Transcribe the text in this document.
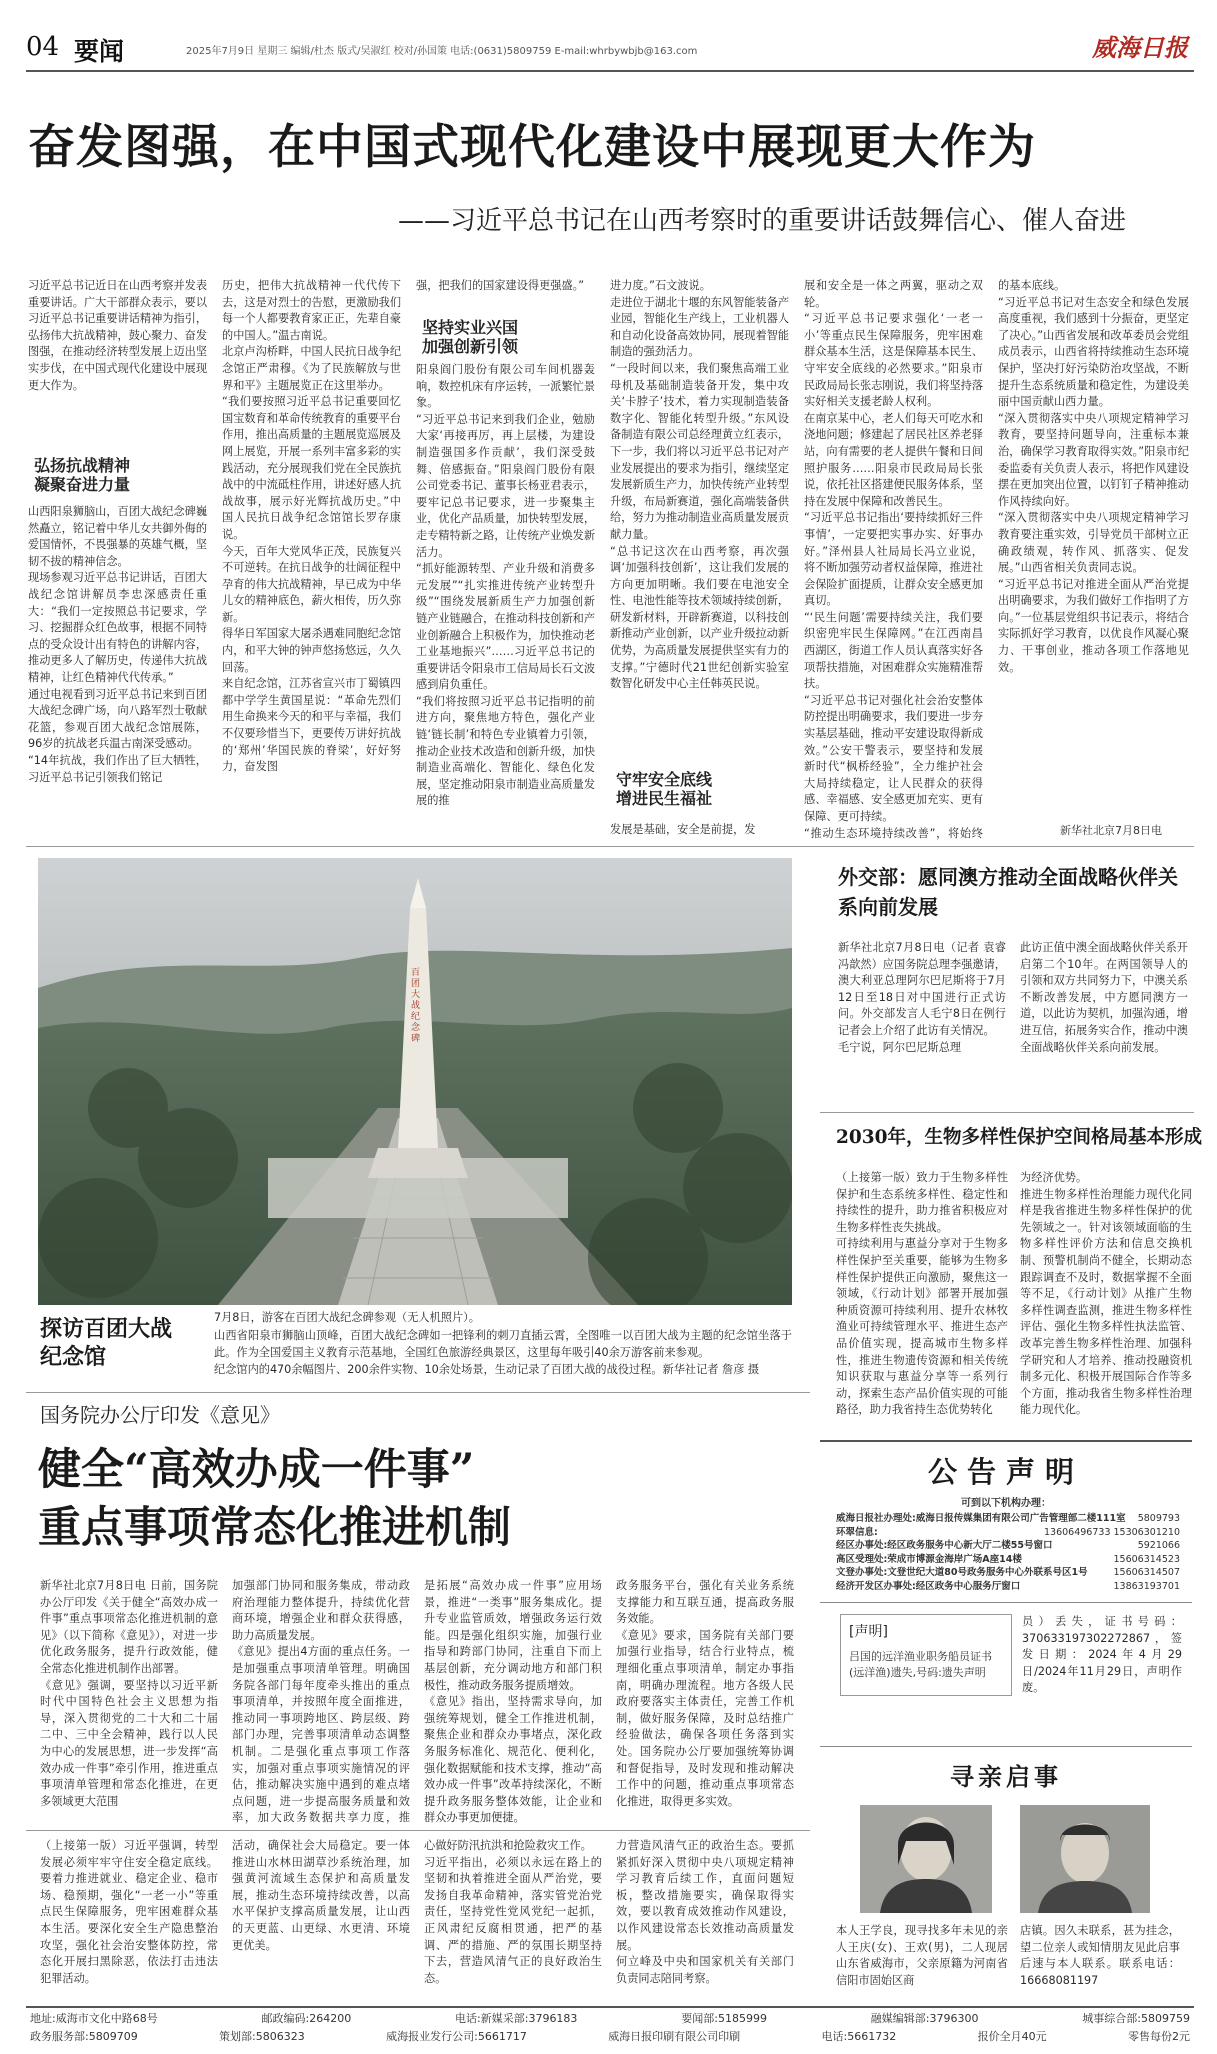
04 要闻	2025年7月9日 星期三 编辑/杜杰 版式/吴淑红 校对/孙国策 电话:(0631)5809759 E-mail:whrbywbjb@163.com	威海日报
奋发图强，在中国式现代化建设中展现更大作为
——习近平总书记在山西考察时的重要讲话鼓舞信心、催人奋进
习近平总书记近日在山西考察并发表重要讲话。广大干部群众表示，要以习近平总书记重要讲话精神为指引，弘扬伟大抗战精神，鼓心聚力、奋发图强，在推动经济转型发展上迈出坚实步伐，在中国式现代化建设中展现更大作为。
弘扬抗战精神
凝聚奋进力量
山西阳泉狮脑山，百团大战纪念碑巍然矗立，铭记着中华儿女共御外侮的爱国情怀，不畏强暴的英雄气概，坚韧不拔的精神信念。
现场参观习近平总书记讲话，百团大战纪念馆讲解员李忠深感责任重大：“我们一定按照总书记要求，学习、挖掘群众红色故事，根据不同特点的受众设计出有特色的讲解内容，推动更多人了解历史，传递伟大抗战精神，让红色精神代代传承。”
通过电视看到习近平总书记来到百团大战纪念碑广场，向八路军烈士敬献花篮，参观百团大战纪念馆展陈，96岁的抗战老兵温古南深受感动。
“14年抗战，我们作出了巨大牺牲，习近平总书记引领我们铭记
历史，把伟大抗战精神一代代传下去，这是对烈士的告慰，更激励我们每一个人都要教育家正正，先辈自豪的中国人。”温古南说。
北京卢沟桥畔，中国人民抗日战争纪念馆正严肃穆。《为了民族解放与世界和平》主题展览正在这里举办。
“我们要按照习近平总书记重要回忆国宝数育和革命传统教育的重要平台作用，推出高质量的主题展览巡展及网上展览，开展一系列丰富多彩的实践活动，充分展现我们党在全民族抗战中的中流砥柱作用，讲述好感人抗战故事，展示好光辉抗战历史。”中国人民抗日战争纪念馆馆长罗存康说。
今天，百年大党风华正茂，民族复兴不可逆转。在抗日战争的壮阔征程中孕育的伟大抗战精神，早已成为中华儿女的精神底色，薪火相传，历久弥新。
得华日军国家大屠杀遇难同胞纪念馆内，和平大钟的钟声悠扬悠远，久久回荡。
来自纪念馆，江苏省宣兴市丁蜀镇四都中学学生黄国星说：“革命先烈们用生命换来今天的和平与幸福，我们不仅要珍惜当下，更要传万讲好抗战的‘郑州’华国民族的脊梁’，好好努力，奋发图
强，把我们的国家建设得更强盛。”
坚持实业兴国
加强创新引领
阳泉阎门股份有限公司车间机器轰响，数控机床有序运转，一派繁忙景象。
“习近平总书记来到我们企业，勉励大家‘再接再厉，再上层楼，为建设制造强国多作贡献’，我们深受鼓舞、倍感振奋。”阳泉阎门股份有限公司党委书记、董事长杨亚君表示，要牢记总书记要求，进一步聚集主业，优化产品质量，加快转型发展，走专精特新之路，让传统产业焕发新活力。
“抓好能源转型、产业升级和消费多元发展”“扎实推进传统产业转型升级”“围绕发展新质生产力加强创新链产业链融合，在推动科技创新和产业创新融合上积极作为，加快推动老工业基地振兴”……习近平总书记的重要讲话令阳泉市工信局局长石文波感到肩负重任。
“我们将按照习近平总书记指明的前进方向，聚焦地方特色，强化产业链‘链长制’和特色专业镇着力引领，推动企业技术改造和创新升级，加快制造业高端化、智能化、绿色化发展，坚定推动阳泉市制造业高质量发展的推
进力度。”石文波说。
走进位于湖北十堰的东风智能装备产业园，智能化生产线上，工业机器人和自动化设备高效协同，展现着智能制造的强劲活力。
“一段时间以来，我们聚焦高端工业母机及基础制造装备开发，集中攻关‘卡脖子’技术，着力实现制造装备数字化、智能化转型升级。”东风设备制造有限公司总经理黄立红表示，下一步，我们将以习近平总书记对产业发展提出的要求为指引，继续坚定发展新质生产力，加快传统产业转型升级，布局新赛道，强化高端装备供给，努力为推动制造业高质量发展贡献力量。
“总书记这次在山西考察，再次强调‘加强科技创新’，这让我们发展的方向更加明晰。我们要在电池安全性、电池性能等技术领域持续创新，研发新材料，开辟新赛道，以科技创新推动产业创新，以产业升级拉动新优势，为高质量发展提供坚实有力的支撑。”宁德时代21世纪创新实验室数智化研发中心主任韩英民说。
守牢安全底线
增进民生福祉
发展是基础，安全是前提，发
展和安全是一体之两翼，驱动之双轮。
“习近平总书记要求强化‘一老一小’等重点民生保障服务，兜牢困难群众基本生活，这是保障基本民生、守牢安全底线的必然要求。”阳泉市民政局局长张志刚说，我们将坚持落实好相关支援老龄人权利。
在南京某中心，老人们每天可吃水和浇地问题；修建起了居民社区养老驿站，向有需要的老人提供午餐和日间照护服务……阳泉市民政局局长张说，依托社区搭建便民服务体系，坚持在发展中保障和改善民生。
“习近平总书记指出‘要持续抓好三件事情’，一定要把实事办实、好事办好。”泽州县人社局局长冯立业说，将不断加强劳动者权益保障，推进社会保险扩面提质，让群众安全感更加真切。
“‘民生问题’需要持续关注，我们要织密兜牢民生保障网。”在江西南昌西湖区，街道工作人员认真落实好各项帮扶措施，对困难群众实施精准帮扶。
“习近平总书记对强化社会治安整体防控提出明确要求，我们要进一步夯实基层基础，推动平安建设取得新成效。”公安干警表示，要坚持和发展新时代“枫桥经验”，全力维护社会大局持续稳定，让人民群众的获得感、幸福感、安全感更加充实、更有保障、更可持续。
“推动生态环境持续改善”，将始终
的基本底线。
“习近平总书记对生态安全和绿色发展高度重视，我们感到十分振奋，更坚定了决心。”山西省发展和改革委员会党组成员表示，山西省将持续推动生态环境保护，坚决打好污染防治攻坚战，不断提升生态系统质量和稳定性，为建设美丽中国贡献山西力量。
“深入贯彻落实中央八项规定精神学习教育，要坚持问题导向，注重标本兼治，确保学习教育取得实效。”阳泉市纪委监委有关负责人表示，将把作风建设摆在更加突出位置，以钉钉子精神推动作风持续向好。
“深入贯彻落实中央八项规定精神学习教育要注重实效，引导党员干部树立正确政绩观，转作风、抓落实、促发展。”山西省相关负责同志说。
“习近平总书记对推进全面从严治党提出明确要求，为我们做好工作指明了方向。”一位基层党组织书记表示，将结合实际抓好学习教育，以优良作风凝心聚力、干事创业，推动各项工作落地见效。
新华社北京7月8日电
百团大战纪念碑
探访百团大战
纪念馆
7月8日，游客在百团大战纪念碑参观（无人机照片）。
山西省阳泉市狮脑山顶峰，百团大战纪念碑如一把锋利的刺刀直插云霄，全图唯一以百团大战为主题的纪念馆坐落于此。作为全国爱国主义教育示范基地，全国红色旅游经典景区，这里每年吸引40余万游客前来参观。
纪念馆内的470余幅图片、200余件实物、10余处场景，生动记录了百团大战的战役过程。新华社记者 詹彦 摄
外交部：愿同澳方推动全面战略伙伴关系向前发展
新华社北京7月8日电（记者 袁睿 冯歆然）应国务院总理李强邀请，澳大利亚总理阿尔巴尼斯将于7月12日至18日对中国进行正式访问。外交部发言人毛宁8日在例行记者会上介绍了此访有关情况。
毛宁说，阿尔巴尼斯总理
此访正值中澳全面战略伙伴关系开启第二个10年。在两国领导人的引领和双方共同努力下，中澳关系不断改善发展，中方愿同澳方一道，以此访为契机，加强沟通，增进互信，拓展务实合作，推动中澳全面战略伙伴关系向前发展。
2030年，生物多样性保护空间格局基本形成
（上接第一版）致力于生物多样性保护和生态系统多样性、稳定性和持续性的提升，助力推省积极应对生物多样性丧失挑战。
可持续利用与惠益分享对于生物多样性保护至关重要，能够为生物多样性保护提供正向激励，聚焦这一领域，《行动计划》部署开展加强种质资源可持续利用、提升农林牧渔业可持续管理水平、推进生态产品价值实现，提高城市生物多样性，推进生物遗传资源和相关传统知识获取与惠益分享等一系列行动，探索生态产品价值实现的可能路径，助力我省持生态优势转化
为经济优势。
推进生物多样性治理能力现代化同样是我省推进生物多样性保护的优先领域之一。针对该领域面临的生物多样性评价方法和信息交换机制、预警机制尚不健全，长期动态跟踪调查不及时，数据掌握不全面等不足，《行动计划》从推广生物多样性调查监测，推进生物多样性评估、强化生物多样性执法监管、改革完善生物多样性治理、加强科学研究和人才培养、推动投融资机制多元化、积极开展国际合作等多个方面，推动我省生物多样性治理能力现代化。
国务院办公厅印发《意见》
健全“高效办成一件事”
重点事项常态化推进机制
新华社北京7月8日电 日前，国务院办公厅印发《关于健全“高效办成一件事”重点事项常态化推进机制的意见》（以下简称《意见》），对进一步优化政务服务，提升行政效能，健全常态化推进机制作出部署。
《意见》强调，要坚持以习近平新时代中国特色社会主义思想为指导，深入贯彻党的二十大和二十届二中、三中全会精神，践行以人民为中心的发展思想，进一步发挥“高效办成一件事”牵引作用，推进重点事项清单管理和常态化推进，在更多领域更大范围
加强部门协同和服务集成，带动政府治理能力整体提升，持续优化营商环境，增强企业和群众获得感，助力高质量发展。
《意见》提出4方面的重点任务。一是加强重点事项清单管理。明确国务院各部门每年度牵头推出的重点事项清单，并按照年度全面推进，推动同一事项跨地区、跨层级、跨部门办理，完善事项清单动态调整机制。二是强化重点事项工作落实，加强对重点事项实施情况的评估，推动解决实施中遇到的难点堵点问题，进一步提高服务质量和效率，加大政务数据共享力度，推
是拓展“高效办成一件事”应用场景，推进“一类事”服务集成化。提升专业监管质效，增强政务运行效能。四是强化组织实施，加强行业指导和跨部门协同，注重自下而上基层创新，充分调动地方和部门积极性，推动政务服务提质增效。
《意见》指出，坚持需求导向，加强统筹规划，健全工作推进机制，聚焦企业和群众办事堵点，深化政务服务标准化、规范化、便利化，强化数据赋能和技术支撑，推动“高效办成一件事”改革持续深化，不断提升政务服务整体效能，让企业和群众办事更加便捷。
政务服务平台，强化有关业务系统支撑能力和互联互通，提高政务服务效能。
《意见》要求，国务院有关部门要加强行业指导，结合行业特点，梳理细化重点事项清单，制定办事指南，明确办理流程。地方各级人民政府要落实主体责任，完善工作机制，做好服务保障，及时总结推广经验做法，确保各项任务落到实处。国务院办公厅要加强统筹协调和督促指导，及时发现和推动解决工作中的问题，推动重点事项常态化推进，取得更多实效。
（上接第一版）习近平强调，转型发展必须牢牢守住安全稳定底线。要着力推进就业、稳定企业、稳市场、稳预期，强化“一老一小”等重点民生保障服务，兜牢困难群众基本生活。要深化安全生产隐患整治攻坚，强化社会治安整体防控，常态化开展扫黑除恶，依法打击违法犯罪活动。
活动，确保社会大局稳定。要一体推进山水林田湖草沙系统治理，加强黄河流域生态保护和高质量发展，推动生态环境持续改善，以高水平保护支撑高质量发展，让山西的天更蓝、山更绿、水更清、环境更优美。
心做好防汛抗洪和抢险救灾工作。
习近平指出，必须以永远在路上的坚韧和执着推进全面从严治党，要发扬自我革命精神，落实管党治党责任，坚持党性党风党纪一起抓，正风肃纪反腐相贯通，把严的基调、严的措施、严的氛围长期坚持下去，营造风清气正的良好政治生态。
力营造风清气正的政治生态。要抓紧抓好深入贯彻中央八项规定精神学习教育后续工作，直面问题短板，整改措施要实，确保取得实效，要以教育成效推动作风建设，以作风建设常态长效推动高质量发展。
何立峰及中央和国家机关有关部门负责同志陪同考察。
公告声明
可到以下机构办理：
威海日报社办理处:威海日报传媒集团有限公司广告管理部二楼111室 5809793
环翠信息:	13606496733 15306301210
经区办事处:经区政务服务中心新大厅二楼55号窗口	5921066
高区受理处:荣成市博源金海岸广场A座14楼	15606314523
文登办事处:文登世纪大道80号政务服务中心外联系号区1号	15606314507
经济开发区办事处:经区政务中心服务厅窗口	13863193701
[声明]
吕国的远洋渔业职务船员证书(远洋渔)遗失,号码:遗失声明
员）丢失，证书号码：370633197302272867，签发日期：2024年4月29日/2024年11月29日，声明作废。
寻亲启事
本人王学良，现寻找多年未见的亲人王庆(女)、王欢(男)，二人现居山东省威海市，父亲原籍为河南省信阳市固始区商
店镇。因久未联系，甚为挂念，望二位亲人或知情朋友见此启事后速与本人联系。联系电话：16668081197
地址:威海市文化中路68号	邮政编码:264200	电话:新媒采部:3796183	要闻部:5185999	融媒编辑部:3796300	城事综合部:5809759
政务服务部:5809709	策划部:5806323	威海报业发行公司:5661717	威海日报印刷有限公司印刷	电话:5661732	报价全月40元	零售每份2元
